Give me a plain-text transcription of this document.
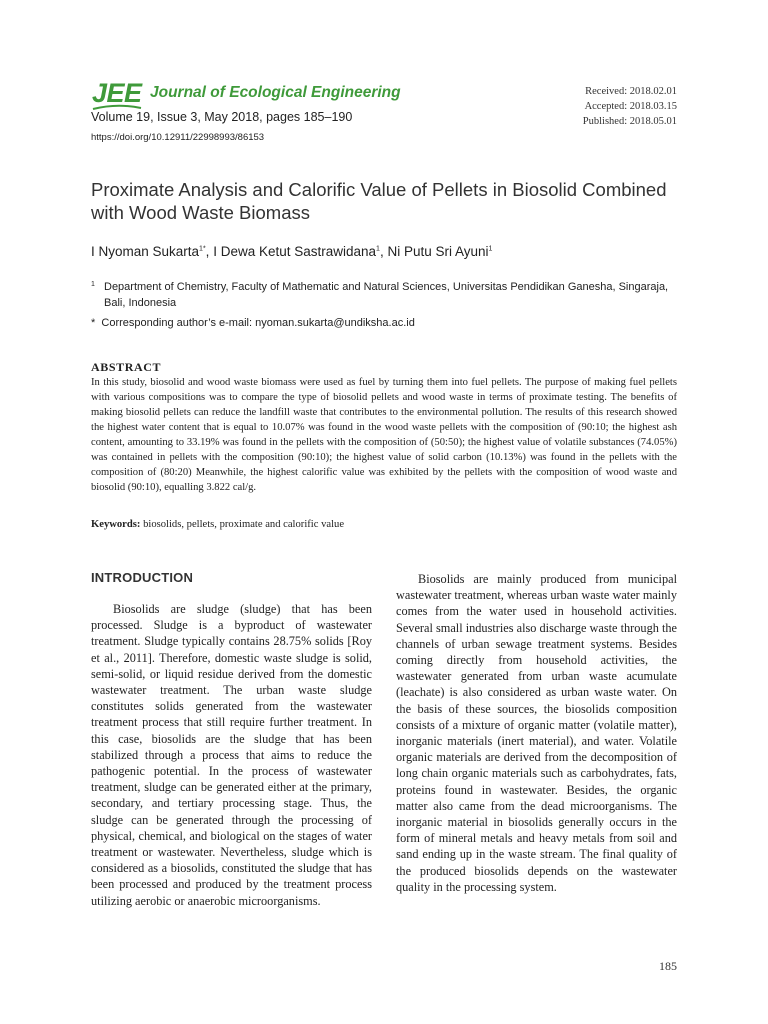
JEE Journal of Ecological Engineering
Volume 19, Issue 3, May 2018, pages 185–190
https://doi.org/10.12911/22998993/86153
Received: 2018.02.01
Accepted: 2018.03.15
Published: 2018.05.01
Proximate Analysis and Calorific Value of Pellets in Biosolid Combined with Wood Waste Biomass
I Nyoman Sukarta$^{1*}$, I Dewa Ketut Sastrawidana$^1$, Ni Putu Sri Ayuni$^1$
1 Department of Chemistry, Faculty of Mathematic and Natural Sciences, Universitas Pendidikan Ganesha, Singaraja, Bali, Indonesia
* Corresponding author’s e-mail: nyoman.sukarta@undiksha.ac.id
ABSTRACT
In this study, biosolid and wood waste biomass were used as fuel by turning them into fuel pellets. The purpose of making fuel pellets with various compositions was to compare the type of biosolid pellets and wood waste in terms of proximate testing. The benefits of making biosolid pellets can reduce the landfill waste that contributes to the environmental pollution. The results of this research showed the highest water content that is equal to 10.07% was found in the wood waste pellets with the composition of (90:10; the highest ash content, amounting to 33.19% was found in the pellets with the composition of (50:50); the highest value of volatile substances (74.05%) was contained in pellets with the composition (90:10); the highest value of solid carbon (10.13%) was found in the pellets with the composition of (80:20) Meanwhile, the highest calorific value was exhibited by the pellets with the composition of wood waste and biosolid (90:10), equalling 3.822 cal/g.
Keywords: biosolids, pellets, proximate and calorific value
INTRODUCTION

Biosolids are sludge (sludge) that has been processed. Sludge is a byproduct of wastewater treatment. Sludge typically contains 28.75% solids [Roy et al., 2011]. Therefore, domestic waste sludge is solid, semi-solid, or liquid residue derived from the domestic wastewater treatment. The urban waste sludge constitutes solids generated from the wastewater treatment process that still require further treatment. In this case, biosolids are the sludge that has been stabilized through a process that aims to reduce the pathogenic potential. In the process of wastewater treatment, sludge can be generated either at the primary, secondary, and tertiary processing stage. Thus, the sludge can be generated through the processing of physical, chemical, and biological on the stages of water treatment or wastewater. Nevertheless, sludge which is considered as a biosolids, constituted the sludge that has been processed and produced by the treatment process utilizing aerobic or anaerobic microorganisms.

Biosolids are mainly produced from municipal wastewater treatment, whereas urban waste water mainly comes from the water used in household activities. Several small industries also discharge waste through the channels of urban sewage treatment systems. Besides coming directly from household activities, the wastewater generated from urban waste acumulate (leachate) is also considered as urban waste water. On the basis of these sources, the biosolids composition consists of a mixture of organic matter (volatile matter), inorganic materials (inert material), and water. Volatile organic materials are derived from the decomposition of long chain organic materials such as carbohydrates, fats, proteins found in wastewater. Besides, the organic matter also came from the dead microorganisms. The inorganic material in biosolids generally occurs in the form of mineral metals and heavy metals from soil and sand ending up in the waste stream. The final quality of the produced biosolids depends on the wastewater quality in the processing system.

185
